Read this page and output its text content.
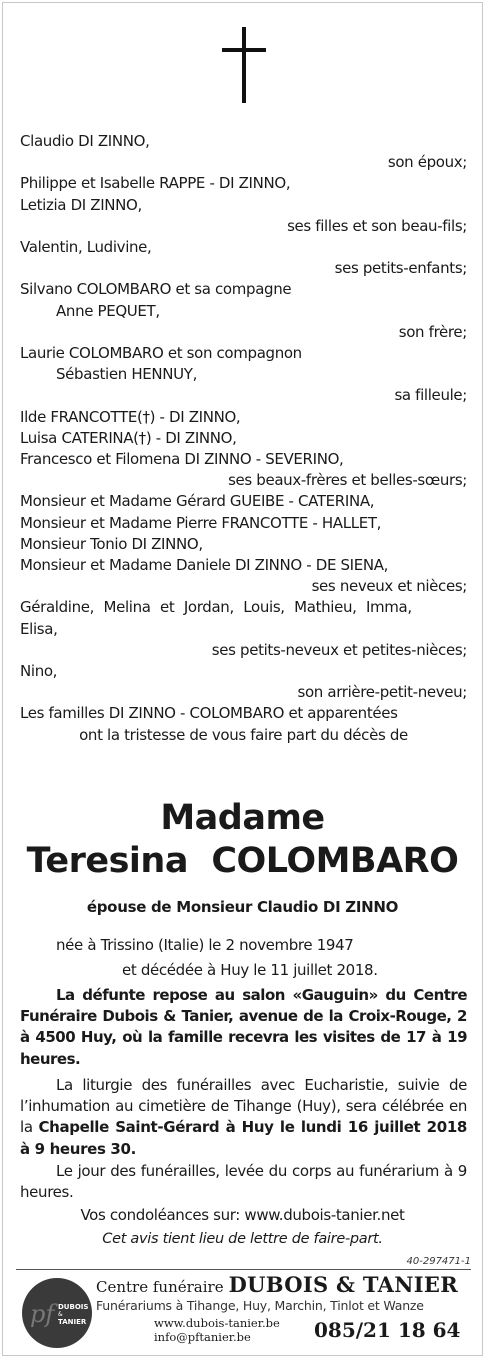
Claudio DI ZINNO,
son époux;
Philippe et Isabelle RAPPE - DI ZINNO,
Letizia DI ZINNO,
ses filles et son beau-fils;
Valentin, Ludivine,
ses petits-enfants;
Silvano COLOMBARO et sa compagne
Anne PEQUET,
son frère;
Laurie COLOMBARO et son compagnon
Sébastien HENNUY,
sa filleule;
Ilde FRANCOTTE(†) - DI ZINNO,
Luisa CATERINA(†) - DI ZINNO,
Francesco et Filomena DI ZINNO - SEVERINO,
ses beaux-frères et belles-sœurs;
Monsieur et Madame Gérard GUEIBE - CATERINA,
Monsieur et Madame Pierre FRANCOTTE - HALLET,
Monsieur Tonio DI ZINNO,
Monsieur et Madame Daniele DI ZINNO - DE SIENA,
ses neveux et nièces;
Géraldine, Melina et Jordan, Louis, Mathieu, Imma,
Elisa,
ses petits-neveux et petites-nièces;
Nino,
son arrière-petit-neveu;
Les familles DI ZINNO - COLOMBARO et apparentées
ont la tristesse de vous faire part du décès de
Madame
Teresina  COLOMBARO
épouse de Monsieur Claudio DI ZINNO
née à Trissino (Italie) le 2 novembre 1947
et décédée à Huy le 11 juillet 2018.
La défunte repose au salon «Gauguin» du Centre Funéraire Dubois & Tanier, avenue de la Croix-Rouge, 2 à 4500 Huy, où la famille recevra les visites de 17 à 19 heures.
La liturgie des funérailles avec Eucharistie, suivie de l’inhumation au cimetière de Tihange (Huy), sera célébrée en la Chapelle Saint-Gérard à Huy le lundi 16 juillet 2018 à 9 heures 30.
Le jour des funérailles, levée du corps au funérarium à 9 heures.
Vos condoléances sur: www.dubois-tanier.net
Cet avis tient lieu de lettre de faire-part.
40-297471-1
pf DUBOIS
&
TANIER
Centre funéraire DUBOIS & TANIER
Funérariums à Tihange, Huy, Marchin, Tinlot et Wanze
www.dubois-tanier.be
info@pftanier.be	085/21 18 64
